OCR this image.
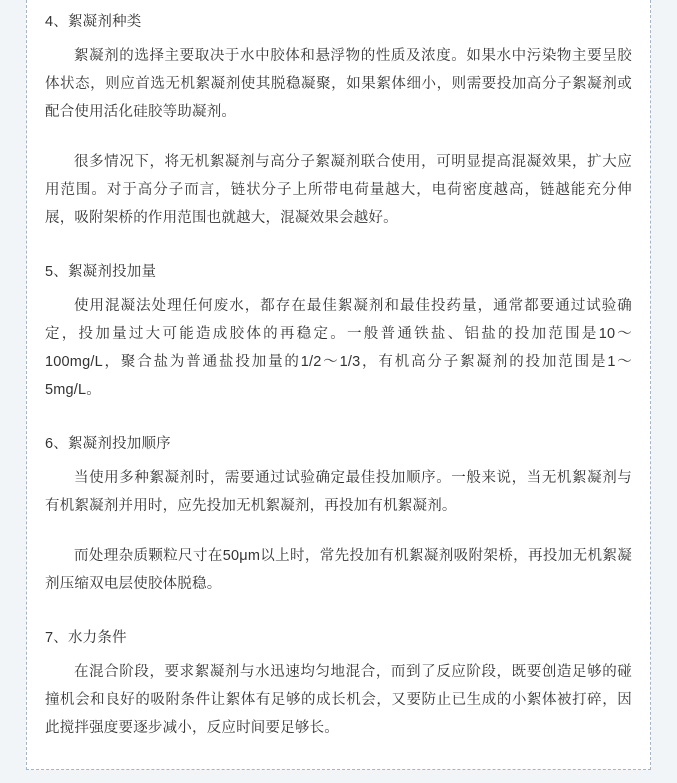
4、絮凝剂种类

絮凝剂的选择主要取决于水中胶体和悬浮物的性质及浓度。如果水中污染物主要呈胶体状态，则应首选无机絮凝剂使其脱稳凝聚，如果絮体细小，则需要投加高分子絮凝剂或配合使用活化硅胶等助凝剂。

很多情况下，将无机絮凝剂与高分子絮凝剂联合使用，可明显提高混凝效果，扩大应用范围。对于高分子而言，链状分子上所带电荷量越大，电荷密度越高，链越能充分伸展，吸附架桥的作用范围也就越大，混凝效果会越好。

5、絮凝剂投加量

使用混凝法处理任何废水，都存在最佳絮凝剂和最佳投药量，通常都要通过试验确定，投加量过大可能造成胶体的再稳定。一般普通铁盐、铝盐的投加范围是10～100mg/L，聚合盐为普通盐投加量的1/2～1/3，有机高分子絮凝剂的投加范围是1～5mg/L。

6、絮凝剂投加顺序

当使用多种絮凝剂时，需要通过试验确定最佳投加顺序。一般来说，当无机絮凝剂与有机絮凝剂并用时，应先投加无机絮凝剂，再投加有机絮凝剂。

而处理杂质颗粒尺寸在50μm以上时，常先投加有机絮凝剂吸附架桥，再投加无机絮凝剂压缩双电层使胶体脱稳。

7、水力条件

在混合阶段，要求絮凝剂与水迅速均匀地混合，而到了反应阶段，既要创造足够的碰撞机会和良好的吸附条件让絮体有足够的成长机会，又要防止已生成的小絮体被打碎，因此搅拌强度要逐步减小，反应时间要足够长。
